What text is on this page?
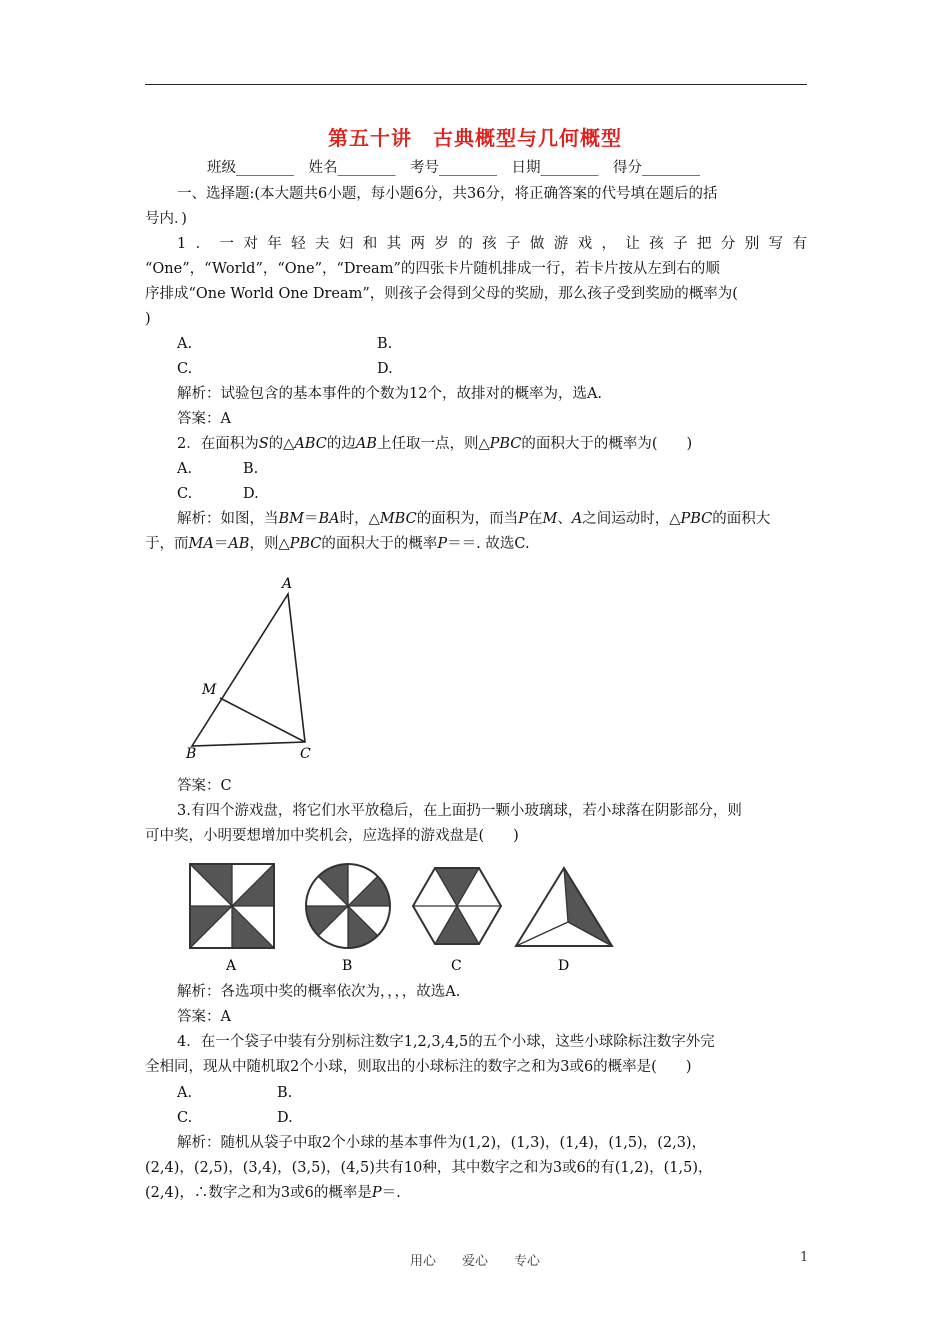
第五十讲　古典概型与几何概型
班级________　姓名________　考号________　日期________　得分________
一、选择题:(本大题共6小题，每小题6分，共36分，将正确答案的代号填在题后的括
号内．)
1．一对年轻夫妇和其两岁的孩子做游戏，让孩子把分别写有
“One”，“World”，“One”，“Dream”的四张卡片随机排成一行，若卡片按从左到右的顺
序排成“One World One Dream”，则孩子会得到父母的奖励，那么孩子受到奖励的概率为(
)
A.	B.
C.	D.
解析：试验包含的基本事件的个数为12个，故排对的概率为，选A.
答案：A
2．在面积为S的△ABC的边AB上任取一点，则△PBC的面积大于的概率为(　　)
A.	B.
C.	D.
解析：如图，当BM＝BA时，△MBC的面积为，而当P在M、A之间运动时，△PBC的面积大
于，而MA＝AB，则△PBC的面积大于的概率P＝＝. 故选C.
A
M
B	C
答案：C
3.有四个游戏盘，将它们水平放稳后，在上面扔一颗小玻璃球，若小球落在阴影部分，则
可中奖，小明要想增加中奖机会，应选择的游戏盘是(　　)
A	B	C	D
解析：各选项中奖的概率依次为，，，，故选A.
答案：A
4．在一个袋子中装有分别标注数字1,2,3,4,5的五个小球，这些小球除标注数字外完
全相同，现从中随机取2个小球，则取出的小球标注的数字之和为3或6的概率是(　　)
A.	B.
C.	D.
解析：随机从袋子中取2个小球的基本事件为(1,2)，(1,3)，(1,4)，(1,5)，(2,3)，
(2,4)，(2,5)，(3,4)，(3,5)，(4,5)共有10种，其中数字之和为3或6的有(1,2)，(1,5)，
(2,4)，∴数字之和为3或6的概率是P＝.
用心　　爱心　　专心	1
